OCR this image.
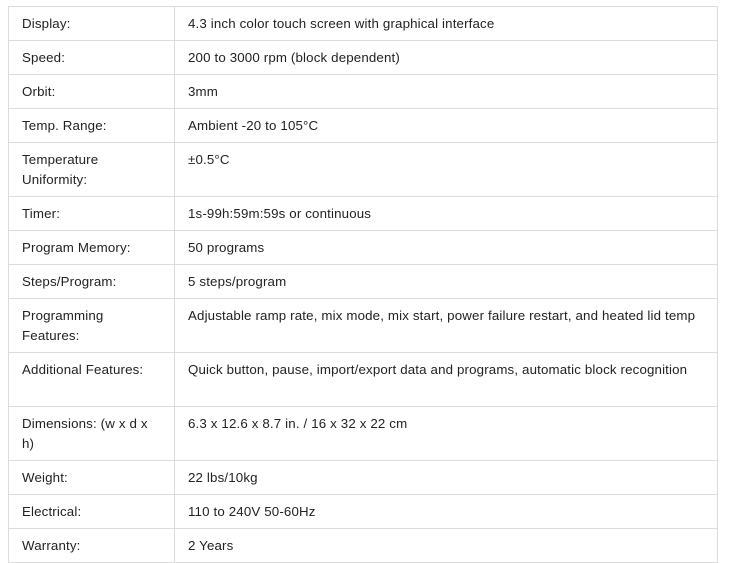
Display:	4.3 inch color touch screen with graphical interface
Speed:	200 to 3000 rpm (block dependent)
Orbit:	3mm
Temp. Range:	Ambient -20 to 105°C
Temperature Uniformity:	±0.5°C
Timer:	1s-99h:59m:59s or continuous
Program Memory:	50 programs
Steps/Program:	5 steps/program
Programming Features:	Adjustable ramp rate, mix mode, mix start, power failure restart, and heated lid temp
Additional Features:	Quick button, pause, import/export data and programs, automatic block recognition
Dimensions: (w x d x h)	6.3 x 12.6 x 8.7 in. / 16 x 32 x 22 cm
Weight:	22 lbs/10kg
Electrical:	110 to 240V 50-60Hz
Warranty:	2 Years
